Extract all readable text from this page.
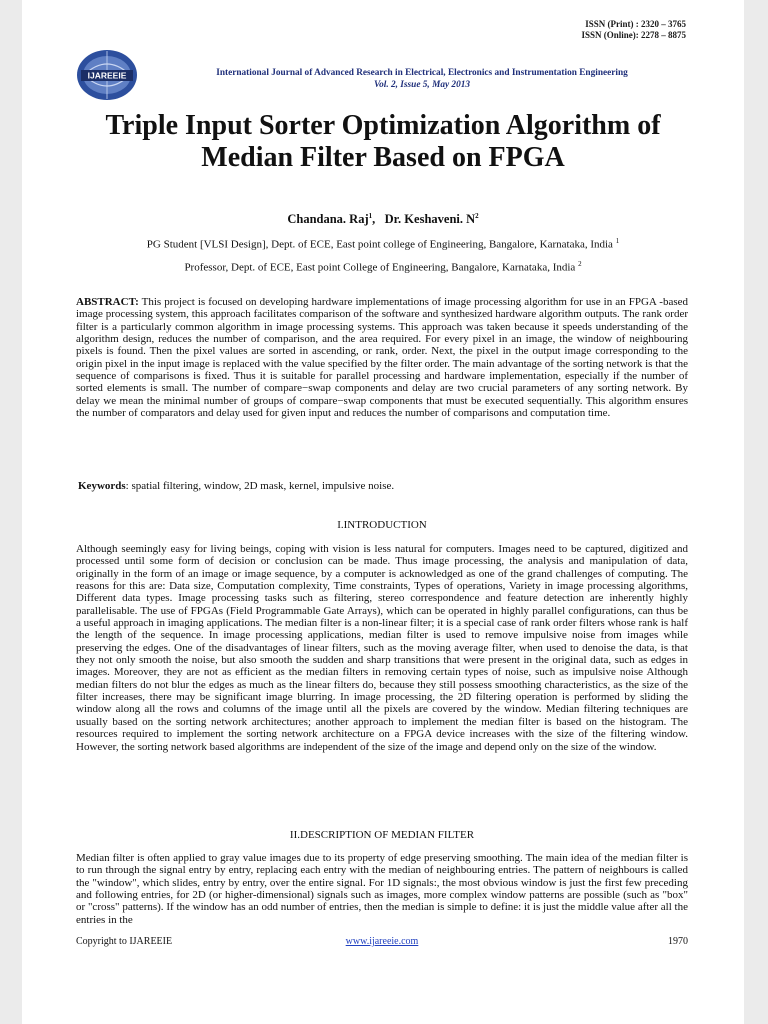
ISSN (Print) : 2320 – 3765
ISSN (Online): 2278 – 8875
IJAREEIE	International Journal of Advanced Research in Electrical, Electronics and Instrumentation Engineering
Vol. 2, Issue 5, May 2013
Triple Input Sorter Optimization Algorithm of Median Filter Based on FPGA
Chandana. Raj$^1$,   Dr. Keshaveni. $N^2$
PG Student [VLSI Design], Dept. of ECE, East point college of Engineering, Bangalore, Karnataka, India $^1$
Professor, Dept. of ECE, East point College of Engineering, Bangalore, Karnataka, India $^2$
ABSTRACT: This project is focused on developing hardware implementations of image processing algorithm for use in an FPGA -based image processing system, this approach facilitates comparison of the software and synthesized hardware algorithm outputs. The rank order filter is a particularly common algorithm in image processing systems. This approach was taken because it speeds understanding of the algorithm design, reduces the number of comparison, and the area required. For every pixel in an image, the window of neighbouring pixels is found. Then the pixel values are sorted in ascending, or rank, order. Next, the pixel in the output image corresponding to the origin pixel in the input image is replaced with the value specified by the filter order. The main advantage of the sorting network is that the sequence of comparisons is fixed. Thus it is suitable for parallel processing and hardware implementation, especially if the number of sorted elements is small. The number of compare−swap components and delay are two crucial parameters of any sorting network. By delay we mean the minimal number of groups of compare−swap components that must be executed sequentially. This algorithm ensures the number of comparators and delay used for given input and reduces the number of comparisons and computation time.
Keywords: spatial filtering, window, 2D mask, kernel, impulsive noise.
I.INTRODUCTION
Although seemingly easy for living beings, coping with vision is less natural for computers. Images need to be captured, digitized and processed until some form of decision or conclusion can be made. Thus image processing, the analysis and manipulation of data, originally in the form of an image or image sequence, by a computer is acknowledged as one of the grand challenges of computing. The reasons for this are: Data size, Computation complexity, Time constraints, Types of operations, Variety in image processing algorithms, Different data types. Image processing tasks such as filtering, stereo correspondence and feature detection are inherently highly parallelisable. The use of FPGAs (Field Programmable Gate Arrays), which can be operated in highly parallel configurations, can thus be a useful approach in imaging applications. The median filter is a non-linear filter; it is a special case of rank order filters whose rank is half the length of the sequence. In image processing applications, median filter is used to remove impulsive noise from images while preserving the edges. One of the disadvantages of linear filters, such as the moving average filter, when used to denoise the data, is that they not only smooth the noise, but also smooth the sudden and sharp transitions that were present in the original data, such as edges in images. Moreover, they are not as efficient as the median filters in removing certain types of noise, such as impulsive noise Although median filters do not blur the edges as much as the linear filters do, because they still possess smoothing characteristics, as the size of the filter increases, there may be significant image blurring. In image processing, the 2D filtering operation is performed by sliding the window along all the rows and columns of the image until all the pixels are covered by the window. Median filtering techniques are usually based on the sorting network architectures; another approach to implement the median filter is based on the histogram. The resources required to implement the sorting network architecture on a FPGA device increases with the size of the filtering window. However, the sorting network based algorithms are independent of the size of the image and depend only on the size of the window.
II.DESCRIPTION OF MEDIAN FILTER
Median filter is often applied to gray value images due to its property of edge preserving smoothing. The main idea of the median filter is to run through the signal entry by entry, replacing each entry with the median of neighbouring entries. The pattern of neighbours is called the "window", which slides, entry by entry, over the entire signal. For 1D signals:, the most obvious window is just the first few preceding and following entries, for 2D (or higher-dimensional) signals such as images, more complex window patterns are possible (such as "box" or "cross" patterns). If the window has an odd number of entries, then the median is simple to define: it is just the middle value after all the entries in the
Copyright to IJAREEIE	www.ijareeie.com	1970
